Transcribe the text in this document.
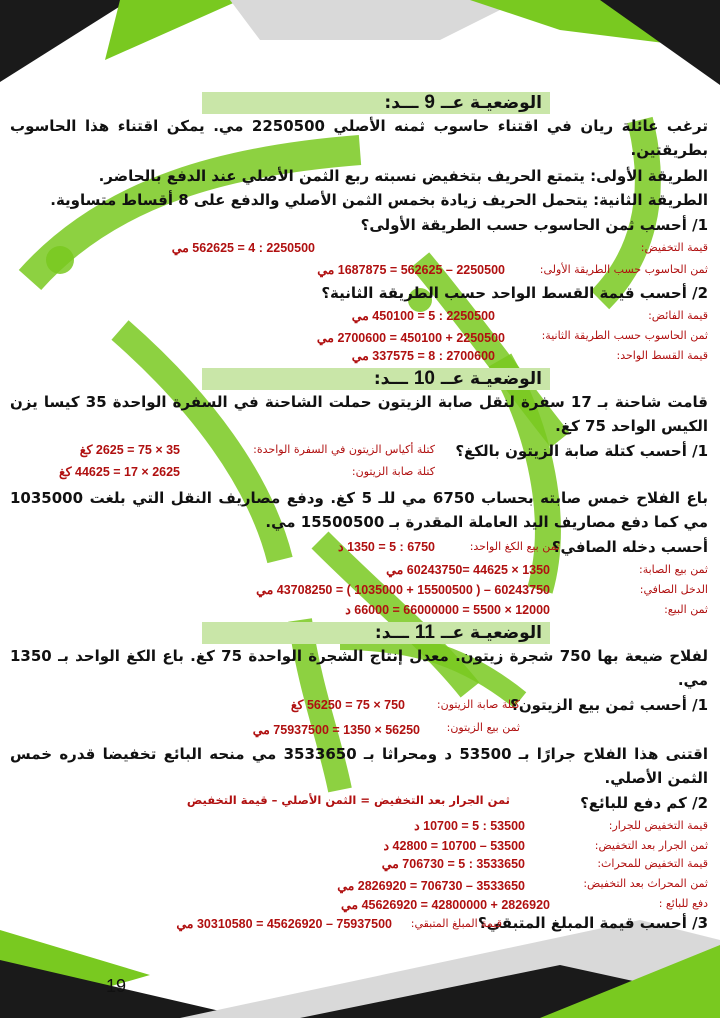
الوضعيـة عــ 9 ـــد:
ترغب عائلة ريان في اقتناء حاسوب ثمنه الأصلي 2250500 مي. يمكن اقتناء هذا الحاسوب بطريقتين.
الطريقة الأولى: يتمتع الحريف بتخفيض نسبته ربع الثمن الأصلي عند الدفع بالحاضر.
الطريقة الثانية: يتحمل الحريف زيادة بخمس الثمن الأصلي والدفع على 8 أقساط متساوية.
1/ أحسب ثمن الحاسوب حسب الطريقة الأولى؟
قيمة التخفيض:
2250500 : 4 = 562625 مي
ثمن الحاسوب حسب الطريقة الأولى:
2250500 – 562625 = 1687875 مي
2/ أحسب قيمة القسط الواحد حسب الطريقة الثانية؟
قيمة الفائض:
2250500 : 5 = 450100 مي
ثمن الحاسوب حسب الطريقة الثانية:
2250500 + 450100 = 2700600 مي
قيمة القسط الواحد:
2700600 : 8 = 337575 مي
الوضعيـة عــ 10 ـــد:
قامت شاحنة بـ 17 سفرة لنقل صابة الزيتون حملت الشاحنة في السفرة الواحدة 35 كيسا يزن الكيس الواحد 75 كغ.
1/ أحسب كتلة صابة الزيتون بالكغ؟
كتلة أكياس الزيتون في السفرة الواحدة:
35 × 75 = 2625 كغ
كتلة صابة الزيتون:
2625 × 17 = 44625 كغ
باع الفلاح خمس صابته بحساب 6750 مي للـ 5 كغ. ودفع مصاريف النقل التي بلغت 1035000 مي كما دفع مصاريف اليد العاملة المقدرة بـ 15500500 مي.
أحسب دخله الصافي؟
ثمن بيع الكغ الواحد:
6750 : 5 = 1350 د
ثمن بيع الصابة:
1350 × 44625 =60243750 مي
الدخل الصافي:
60243750 – ( 15500500 + 1035000 ) = 43708250 مي
ثمن البيع:
12000 × 5500 = 66000000 = 66000 د
الوضعيـة عــ 11 ـــد:
لفلاح ضيعة بها 750 شجرة زيتون. معدل إنتاج الشجرة الواحدة 75 كغ. باع الكغ الواحد بـ 1350 مي.
1/ أحسب ثمن بيع الزيتون؟
كتلة صابة الزيتون:
750 × 75 = 56250 كغ
ثمن بيع الزيتون:
56250 × 1350 = 75937500 مي
اقتنى هذا الفلاح جرارًا بـ 53500 د ومحراثا بـ 3533650 مي منحه البائع تخفيضا قدره خمس الثمن الأصلي.
2/ كم دفع للبائع؟
ثمن الجرار بعد التخفيض = الثمن الأصلي – قيمة التخفيض
قيمة التخفيض للجرار:
53500 : 5 = 10700 د
ثمن الجرار بعد التخفيض:
53500 – 10700 = 42800 د
قيمة التخفيض للمحراث:
3533650 : 5 = 706730 مي
ثمن المحراث بعد التخفيض:
3533650 – 706730 = 2826920 مي
دفع للبائع :
2826920 + 42800000 = 45626920 مي
3/ أحسب قيمة المبلغ المتبقي؟
قيمة المبلغ المتبقي:
75937500 – 45626920 = 30310580 مي
19
